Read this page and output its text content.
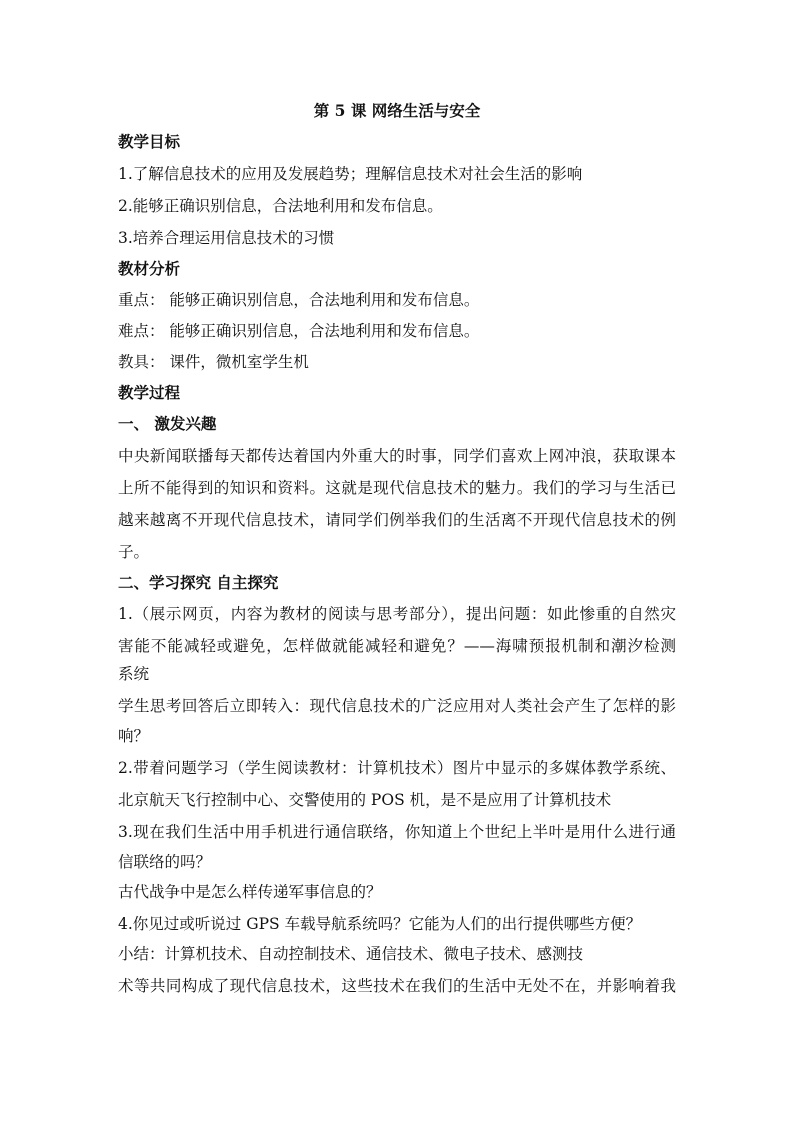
第 5 课 网络生活与安全
教学目标
1.了解信息技术的应用及发展趋势；理解信息技术对社会生活的影响
2.能够正确识别信息，合法地利用和发布信息。
3.培养合理运用信息技术的习惯
教材分析
重点： 能够正确识别信息，合法地利用和发布信息。
难点： 能够正确识别信息，合法地利用和发布信息。
教具： 课件，微机室学生机
教学过程
一、 激发兴趣
中央新闻联播每天都传达着国内外重大的时事，同学们喜欢上网冲浪，获取课本
上所不能得到的知识和资料。这就是现代信息技术的魅力。我们的学习与生活已
越来越离不开现代信息技术，请同学们例举我们的生活离不开现代信息技术的例
子。
二、学习探究 自主探究
1.（展示网页，内容为教材的阅读与思考部分），提出问题：如此惨重的自然灾
害能不能减轻或避免，怎样做就能减轻和避免？——海啸预报机制和潮汐检测
系统
学生思考回答后立即转入：现代信息技术的广泛应用对人类社会产生了怎样的影
响？
2.带着问题学习（学生阅读教材：计算机技术）图片中显示的多媒体教学系统、
北京航天飞行控制中心、交警使用的 POS 机，是不是应用了计算机技术
3.现在我们生活中用手机进行通信联络，你知道上个世纪上半叶是用什么进行通
信联络的吗？
古代战争中是怎么样传递军事信息的？
4.你见过或听说过 GPS 车载导航系统吗？它能为人们的出行提供哪些方便？
小结：计算机技术、自动控制技术、通信技术、微电子技术、感测技
术等共同构成了现代信息技术，这些技术在我们的生活中无处不在，并影响着我
